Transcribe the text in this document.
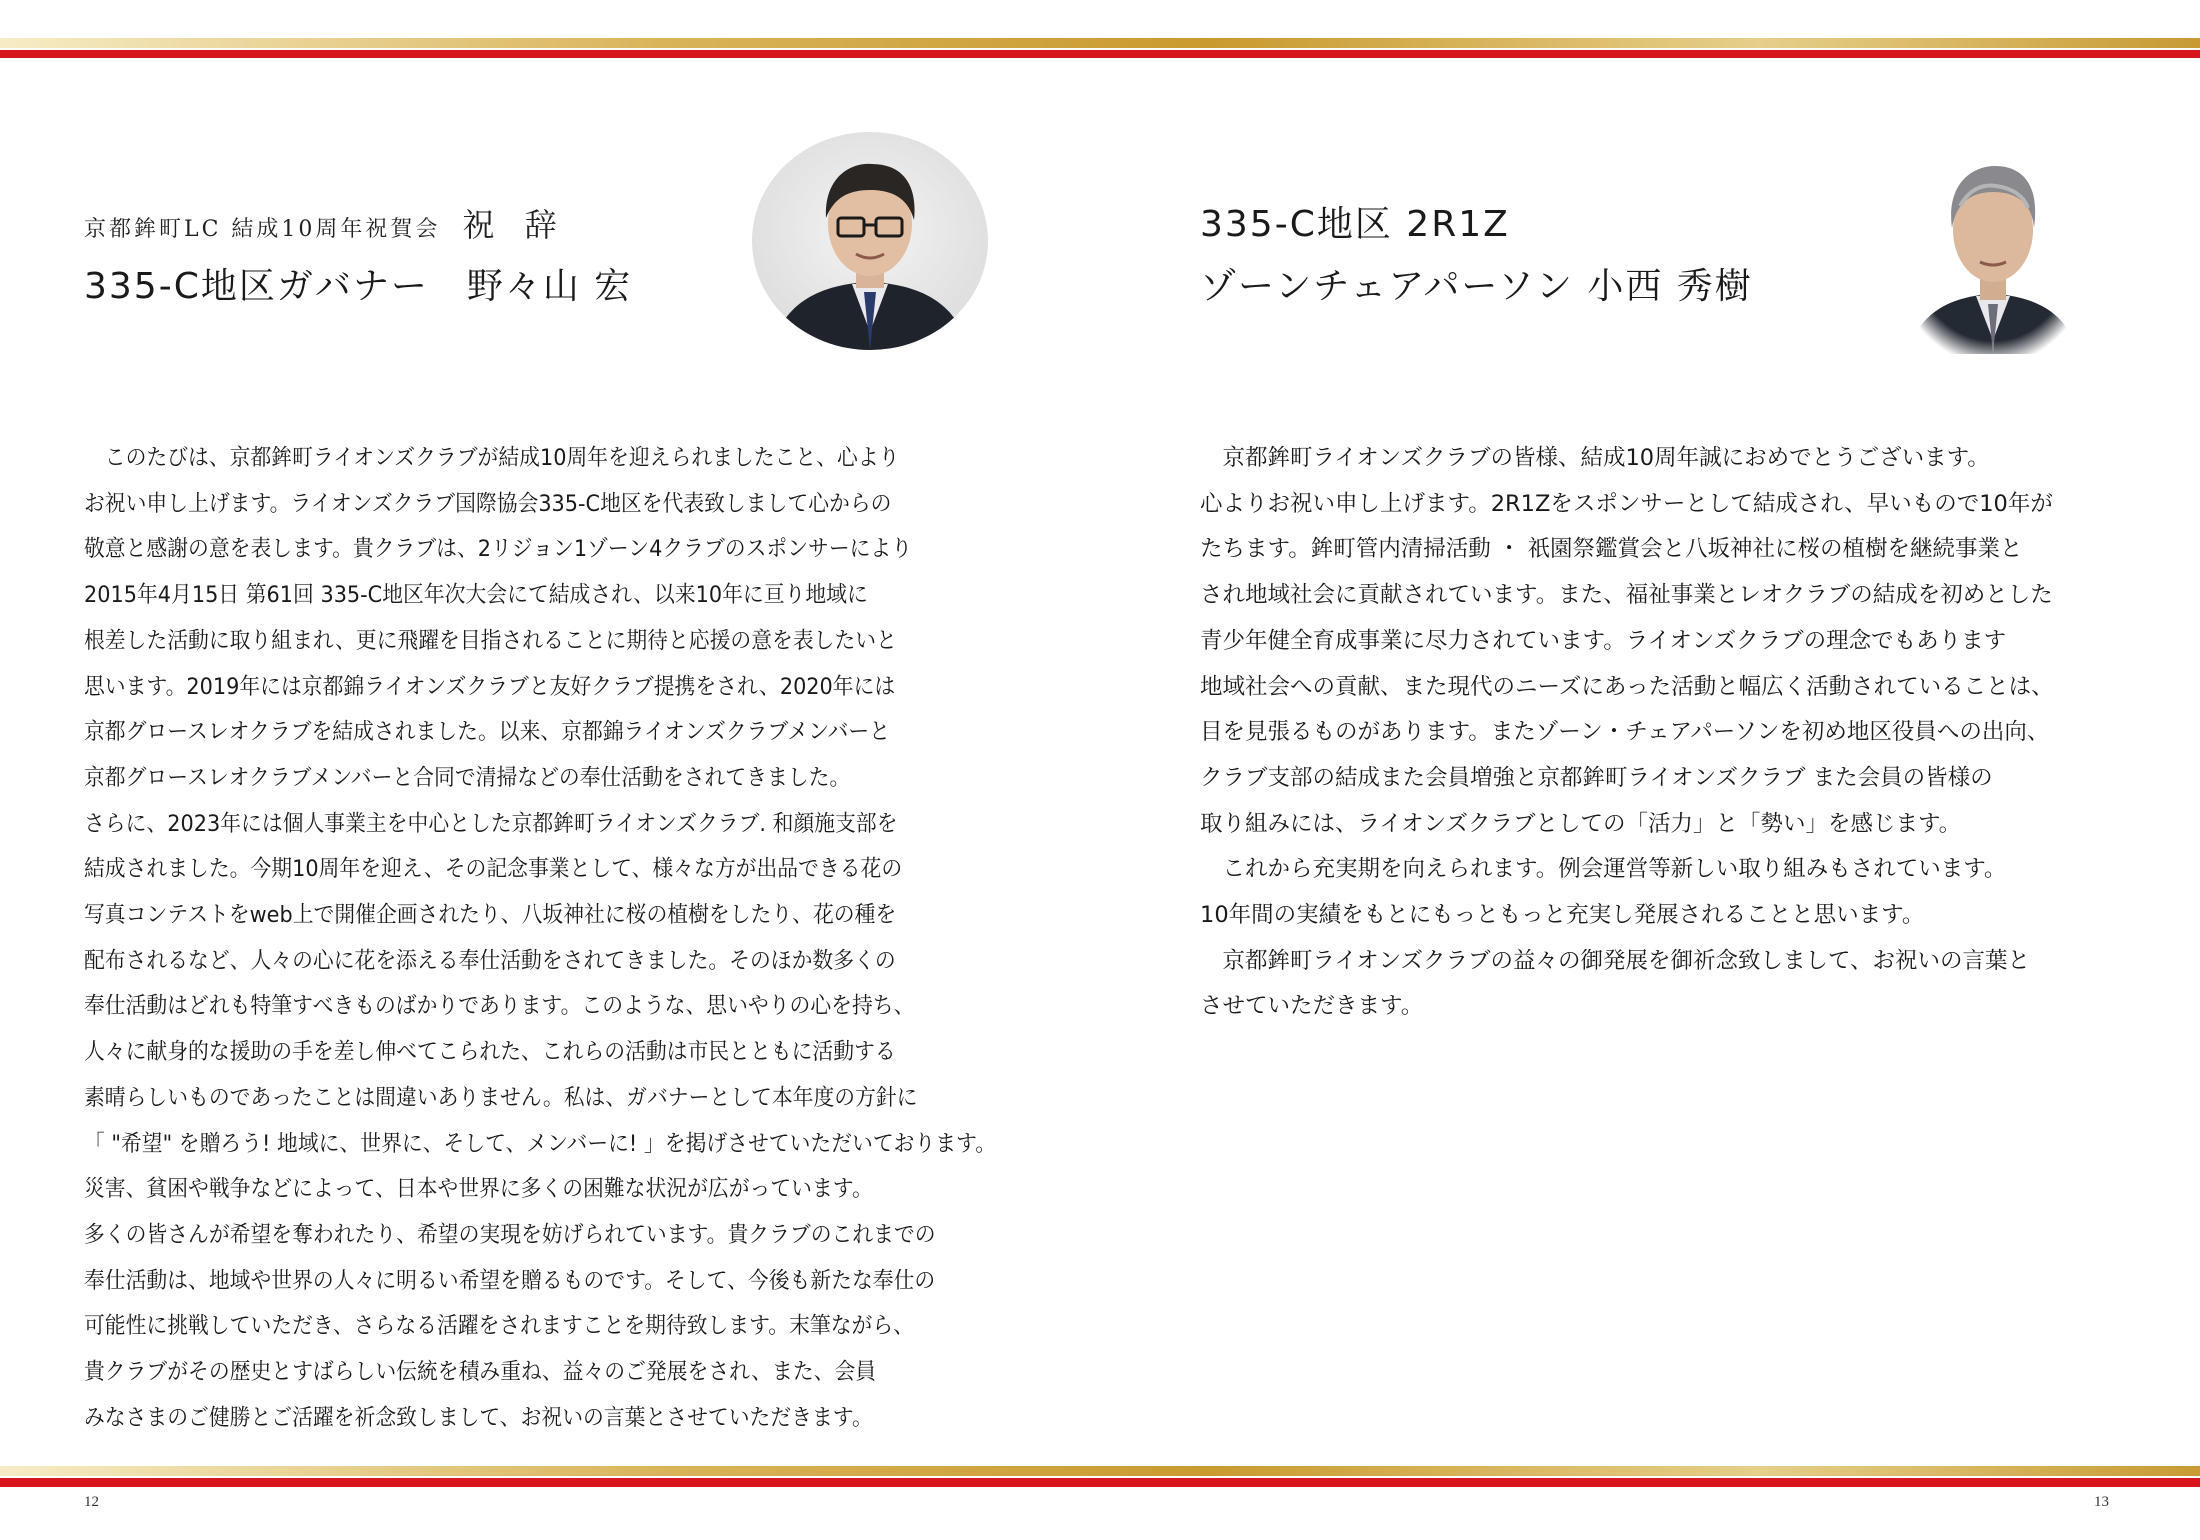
京都鉾町LC 結成10周年祝賀会 祝 辞
335-C地区ガバナー　野々山 宏

　このたびは、京都鉾町ライオンズクラブが結成10周年を迎えられましたこと、心より

お祝い申し上げます。ライオンズクラブ国際協会335-C地区を代表致しまして心からの

敬意と感謝の意を表します。貴クラブは、2リジョン1ゾーン4クラブのスポンサーにより

2015年4月15日 第61回 335-C地区年次大会にて結成され、以来10年に亘り地域に

根差した活動に取り組まれ、更に飛躍を目指されることに期待と応援の意を表したいと

思います。2019年には京都錦ライオンズクラブと友好クラブ提携をされ、2020年には

京都グロースレオクラブを結成されました。以来、京都錦ライオンズクラブメンバーと

京都グロースレオクラブメンバーと合同で清掃などの奉仕活動をされてきました。

さらに、2023年には個人事業主を中心とした京都鉾町ライオンズクラブ. 和顔施支部を

結成されました。今期10周年を迎え、その記念事業として、様々な方が出品できる花の

写真コンテストをweb上で開催企画されたり、八坂神社に桜の植樹をしたり、花の種を

配布されるなど、人々の心に花を添える奉仕活動をされてきました。そのほか数多くの

奉仕活動はどれも特筆すべきものばかりであります。このような、思いやりの心を持ち、

人々に献身的な援助の手を差し伸べてこられた、これらの活動は市民とともに活動する

素晴らしいものであったことは間違いありません。私は、ガバナーとして本年度の方針に

「 "希望" を贈ろう! 地域に、世界に、そして、メンバーに! 」を掲げさせていただいております。

災害、貧困や戦争などによって、日本や世界に多くの困難な状況が広がっています。

多くの皆さんが希望を奪われたり、希望の実現を妨げられています。貴クラブのこれまでの

奉仕活動は、地域や世界の人々に明るい希望を贈るものです。そして、今後も新たな奉仕の

可能性に挑戦していただき、さらなる活躍をされますことを期待致します。末筆ながら、

貴クラブがその歴史とすばらしい伝統を積み重ね、益々のご発展をされ、また、会員

みなさまのご健勝とご活躍を祈念致しまして、お祝いの言葉とさせていただきます。

12
335-C地区 2R1Z
ゾーンチェアパーソン 小西 秀樹

　京都鉾町ライオンズクラブの皆様、結成10周年誠におめでとうございます。

心よりお祝い申し上げます。2R1Zをスポンサーとして結成され、早いもので10年が

たちます。鉾町管内清掃活動 ・ 祇園祭鑑賞会と八坂神社に桜の植樹を継続事業と

され地域社会に貢献されています。また、福祉事業とレオクラブの結成を初めとした

青少年健全育成事業に尽力されています。ライオンズクラブの理念でもあります

地域社会への貢献、また現代のニーズにあった活動と幅広く活動されていることは、

目を見張るものがあります。またゾーン・チェアパーソンを初め地区役員への出向、

クラブ支部の結成また会員増強と京都鉾町ライオンズクラブ また会員の皆様の

取り組みには、ライオンズクラブとしての「活力」と「勢い」を感じます。

　これから充実期を向えられます。例会運営等新しい取り組みもされています。

10年間の実績をもとにもっともっと充実し発展されることと思います。

　京都鉾町ライオンズクラブの益々の御発展を御祈念致しまして、お祝いの言葉と

させていただきます。

13
